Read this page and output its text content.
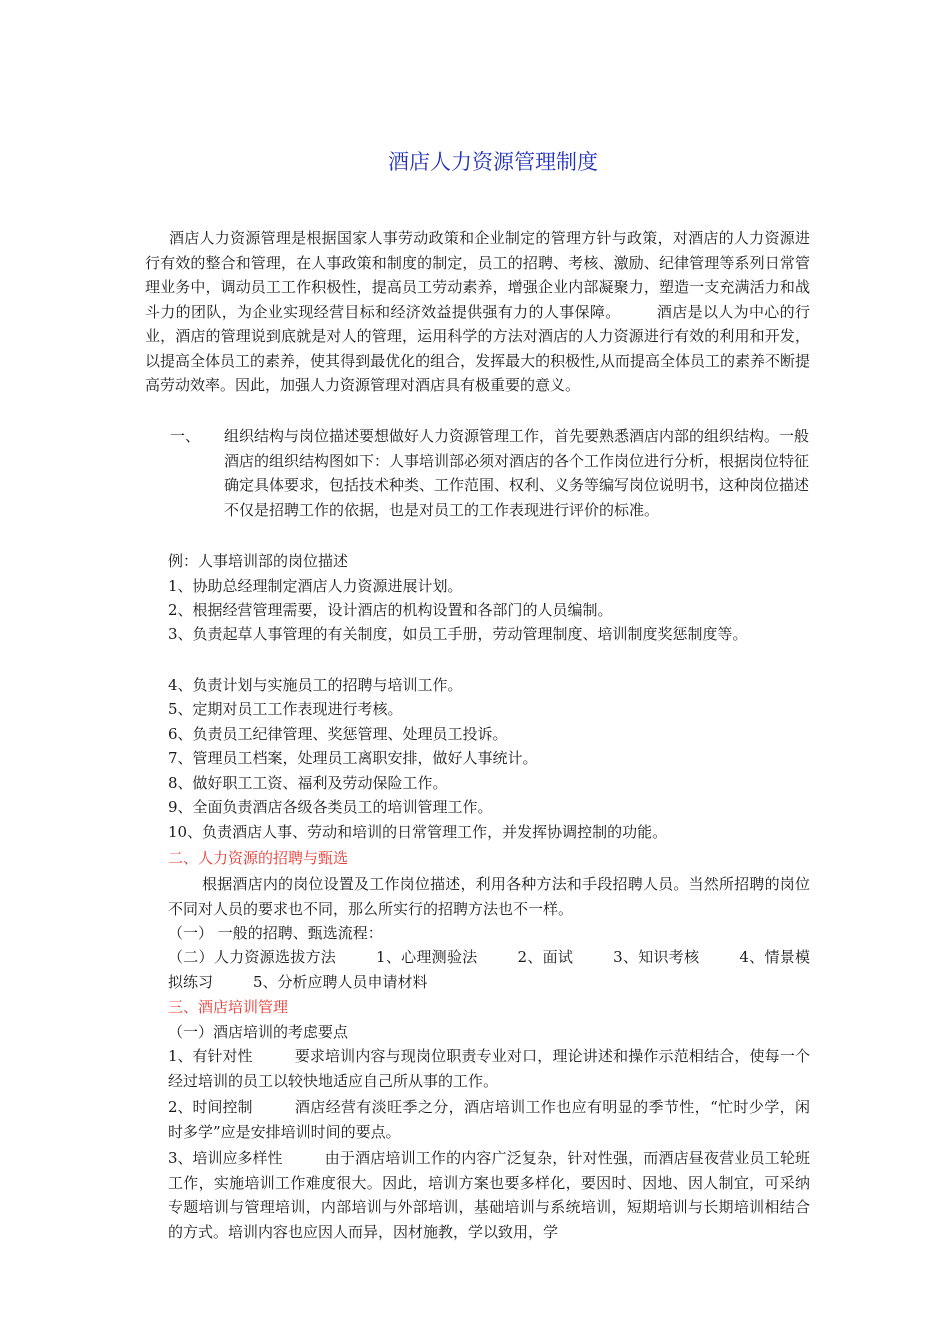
酒店人力资源管理制度
酒店人力资源管理是根据国家人事劳动政策和企业制定的管理方针与政策，对酒店的人力资源进行有效的整合和管理，在人事政策和制度的制定，员工的招聘、考核、激励、纪律管理等系列日常管理业务中，调动员工工作积极性，提高员工劳动素养，增强企业内部凝聚力，塑造一支充满活力和战斗力的团队，为企业实现经营目标和经济效益提供强有力的人事保障。 酒店是以人为中心的行业，酒店的管理说到底就是对人的管理，运用科学的方法对酒店的人力资源进行有效的利用和开发，以提高全体员工的素养，使其得到最优化的组合，发挥最大的积极性,从而提高全体员工的素养不断提高劳动效率。因此，加强人力资源管理对酒店具有极重要的意义。
一、 组织结构与岗位描述要想做好人力资源管理工作，首先要熟悉酒店内部的组织结构。一般酒店的组织结构图如下：人事培训部必须对酒店的各个工作岗位进行分析，根据岗位特征确定具体要求，包括技术种类、工作范围、权利、义务等编写岗位说明书，这种岗位描述不仅是招聘工作的依据，也是对员工的工作表现进行评价的标准。
例：人事培训部的岗位描述
1、协助总经理制定酒店人力资源进展计划。
2、根据经营管理需要，设计酒店的机构设置和各部门的人员编制。
3、负责起草人事管理的有关制度，如员工手册，劳动管理制度、培训制度奖惩制度等。
4、负责计划与实施员工的招聘与培训工作。
5、定期对员工工作表现进行考核。
6、负责员工纪律管理、奖惩管理、处理员工投诉。
7、管理员工档案，处理员工离职安排，做好人事统计。
8、做好职工工资、福利及劳动保险工作。
9、全面负责酒店各级各类员工的培训管理工作。
10、负责酒店人事、劳动和培训的日常管理工作，并发挥协调控制的功能。
二、人力资源的招聘与甄选
根据酒店内的岗位设置及工作岗位描述，利用各种方法和手段招聘人员。当然所招聘的岗位不同对人员的要求也不同，那么所实行的招聘方法也不一样。
（一） 一般的招聘、甄选流程：
（二）人力资源选拔方法	1、心理测验法	2、面试	3、知识考核	4、情景模拟练习	5、分析应聘人员申请材料
三、酒店培训管理
（一）酒店培训的考虑要点
1、有针对性	要求培训内容与现岗位职责专业对口，理论讲述和操作示范相结合，使每一个经过培训的员工以较快地适应自己所从事的工作。
2、时间控制	酒店经营有淡旺季之分，酒店培训工作也应有明显的季节性，“忙时少学，闲时多学”应是安排培训时间的要点。
3、培训应多样性	由于酒店培训工作的内容广泛复杂，针对性强，而酒店昼夜营业员工轮班工作，实施培训工作难度很大。因此，培训方案也要多样化，要因时、因地、因人制宜，可采纳专题培训与管理培训，内部培训与外部培训，基础培训与系统培训，短期培训与长期培训相结合的方式。培训内容也应因人而异，因材施教，学以致用，学
